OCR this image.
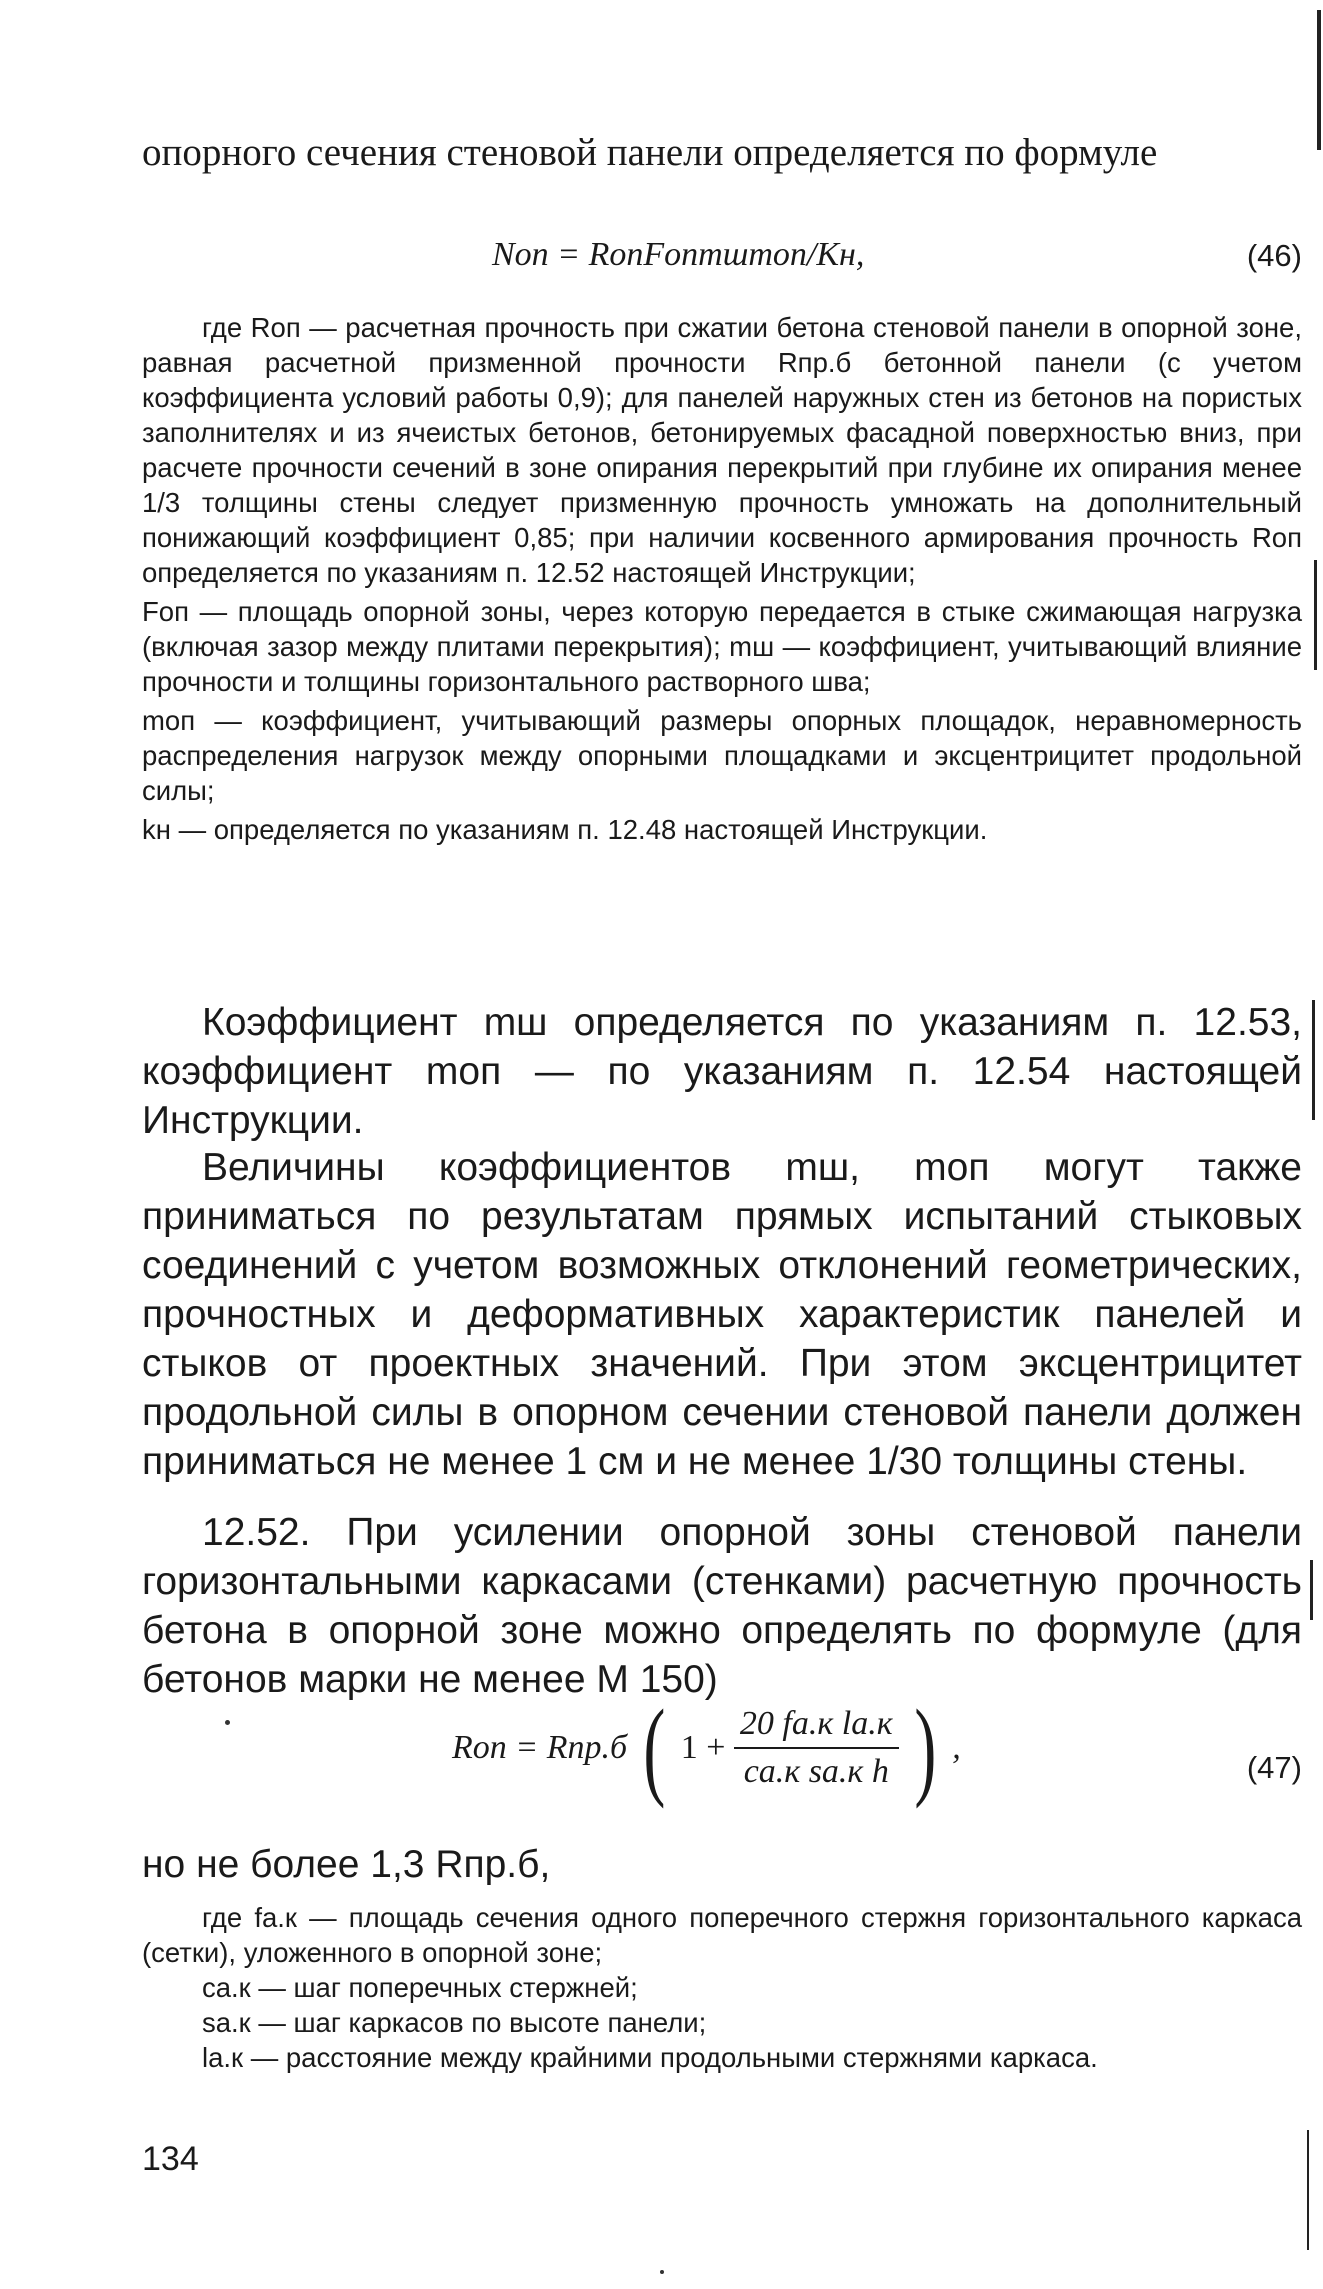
опорного сечения стеновой панели определяется по формуле

Nоп = RопFопmшmоп/Kн,	(46)

где Rоп — расчетная прочность при сжатии бетона стеновой панели в опорной зоне, равная расчетной призменной прочности Rпр.б бетонной панели (с учетом коэффициента условий работы 0,9); для панелей наружных стен из бетонов на пористых заполнителях и из ячеистых бетонов, бетонируемых фасадной поверхностью вниз, при расчете прочности сечений в зоне опирания перекрытий при глубине их опирания менее 1/3 толщины стены следует призменную прочность умножать на дополнительный понижающий коэффициент 0,85; при наличии косвенного армирования прочность Rоп определяется по указаниям п. 12.52 настоящей Инструкции;

Fоп — площадь опорной зоны, через которую передается в стыке сжимающая нагрузка (включая зазор между плитами перекрытия); mш — коэффициент, учитывающий влияние прочности и толщины горизонтального растворного шва;

mоп — коэффициент, учитывающий размеры опорных площадок, неравномерность распределения нагрузок между опорными площадками и эксцентрицитет продольной силы;

kн — определяется по указаниям п. 12.48 настоящей Инструкции.

Коэффициент mш определяется по указаниям п. 12.53, коэффициент mоп — по указаниям п. 12.54 настоящей Инструкции.

Величины коэффициентов mш, mоп могут также приниматься по результатам прямых испытаний стыковых соединений с учетом возможных отклонений геометрических, прочностных и деформативных характеристик панелей и стыков от проектных значений. При этом эксцентрицитет продольной силы в опорном сечении стеновой панели должен приниматься не менее 1 см и не менее 1/30 толщины стены.

12.52. При усилении опорной зоны стеновой панели горизонтальными каркасами (стенками) расчетную прочность бетона в опорной зоне можно определять по формуле (для бетонов марки не менее М 150)

Rоп = Rпр.б ( $1 + \frac{\text{20 fа.к lа.к}}{\text{cа.к sа.к h}}$ ) ,
(47)

но не более 1,3 Rпр.б,

где fа.к — площадь сечения одного поперечного стержня горизонтального каркаса (сетки), уложенного в опорной зоне;

cа.к — шаг поперечных стержней;

sа.к — шаг каркасов по высоте панели;

lа.к — расстояние между крайними продольными стержнями каркаса.

134
